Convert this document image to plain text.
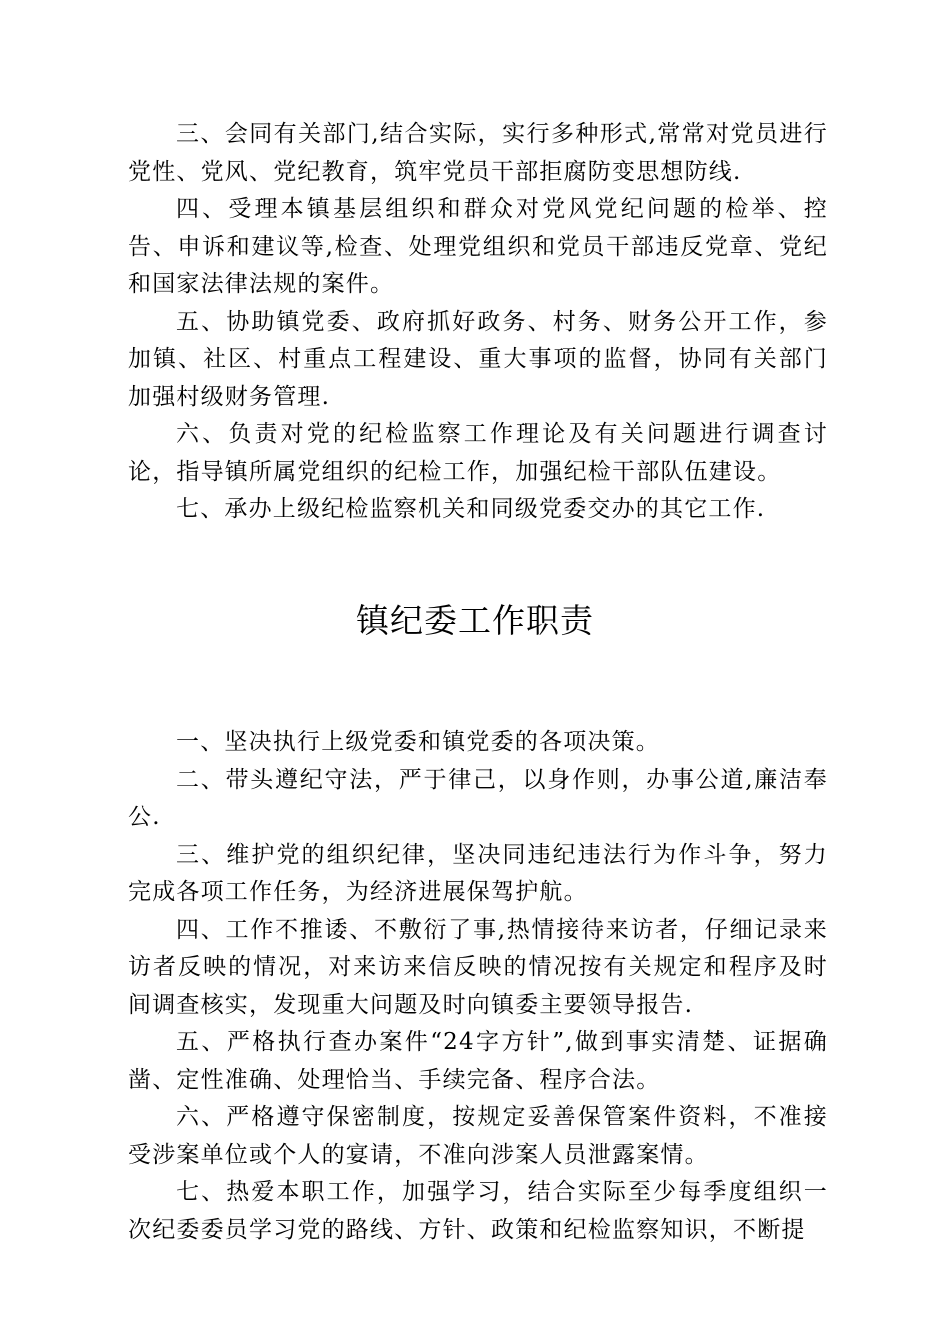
三、会同有关部门,结合实际，实行多种形式,常常对党员进行党性、党风、党纪教育，筑牢党员干部拒腐防变思想防线.

四、受理本镇基层组织和群众对党风党纪问题的检举、控告、申诉和建议等,检查、处理党组织和党员干部违反党章、党纪和国家法律法规的案件。

五、协助镇党委、政府抓好政务、村务、财务公开工作，参加镇、社区、村重点工程建设、重大事项的监督，协同有关部门加强村级财务管理.

六、负责对党的纪检监察工作理论及有关问题进行调查讨论，指导镇所属党组织的纪检工作，加强纪检干部队伍建设。

七、承办上级纪检监察机关和同级党委交办的其它工作.

镇纪委工作职责

一、坚决执行上级党委和镇党委的各项决策。

二、带头遵纪守法，严于律己，以身作则，办事公道,廉洁奉公.

三、维护党的组织纪律，坚决同违纪违法行为作斗争，努力完成各项工作任务，为经济进展保驾护航。

四、工作不推诿、不敷衍了事,热情接待来访者，仔细记录来访者反映的情况，对来访来信反映的情况按有关规定和程序及时间调查核实，发现重大问题及时向镇委主要领导报告.

五、严格执行查办案件“24字方针”,做到事实清楚、证据确凿、定性准确、处理恰当、手续完备、程序合法。

六、严格遵守保密制度，按规定妥善保管案件资料，不准接受涉案单位或个人的宴请，不准向涉案人员泄露案情。

七、热爱本职工作，加强学习，结合实际至少每季度组织一次纪委委员学习党的路线、方针、政策和纪检监察知识，不断提
